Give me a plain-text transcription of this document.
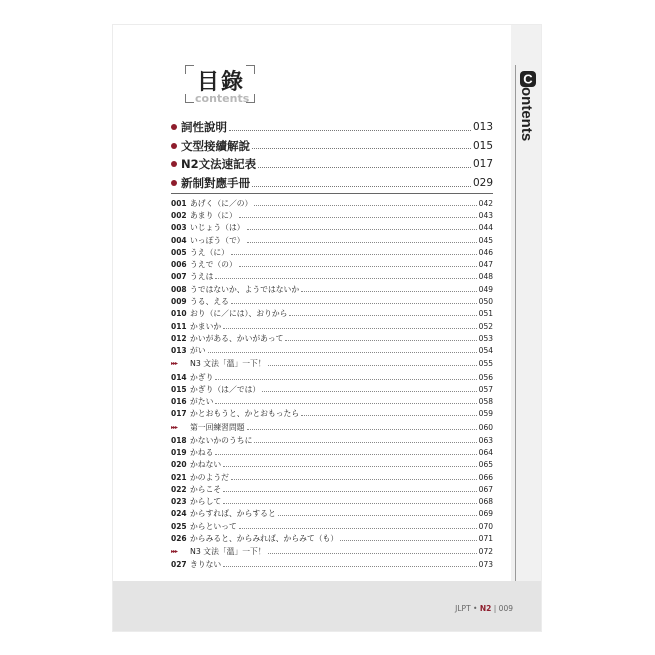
C
ontents
目錄
contents
詞性說明	013
文型接續解說	015
N2文法速記表	017
新制對應手冊	029
001 あげく（に／の）	042
002 あまり（に）	043
003 いじょう（は）	044
004 いっぽう（で）	045
005 うえ（に）	046
006 うえで（の）	047
007 うえは	048
008 うではないか、ようではないか	049
009 うる、える	050
010 おり（に／には）、おりから	051
011 かまいか	052
012 かいがある、かいがあって	053
013 がい	054
▸▸▸	N3 文法「溫」一下！	055
014 かぎり	056
015 かぎり（は／では）	057
016 がたい	058
017 かとおもうと、かとおもったら	059
▸▸▸	第一回練習問題	060
018 かないかのうちに	063
019 かねる	064
020 かねない	065
021 かのようだ	066
022 からこそ	067
023 からして	068
024 からすれば、からすると	069
025 からといって	070
026 からみると、からみれば、からみて（も）	071
▸▸▸	N3 文法「溫」一下！	072
027 きりない	073
JLPT • N2 | 009
